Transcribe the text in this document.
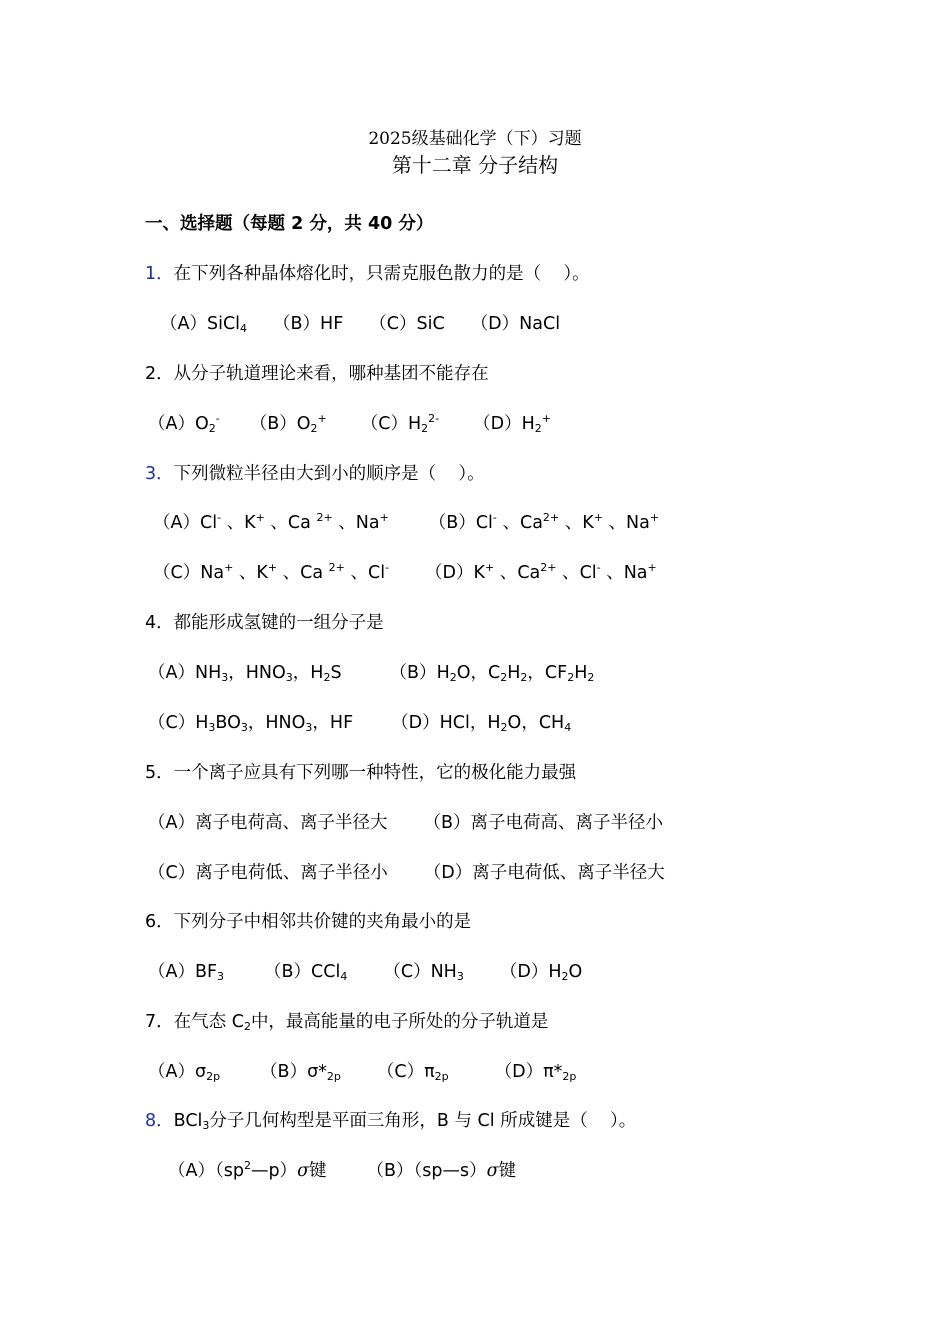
2025级基础化学（下）习题
第十二章 分子结构
一、选择题（每题 2 分，共 40 分）
1．在下列各种晶体熔化时，只需克服色散力的是（    ）。
（A）SiCl$_4$ （B）HF （C）SiC （D）NaCl
2．从分子轨道理论来看，哪种基团不能存在
$(A)O_2^-$ $(B)O_2^+$ $(C)H_2^{2-}$ $(D)H_2^+$
3．下列微粒半径由大到小的顺序是（    ）。
（A）Cl- 、K+ 、Ca $^{2+}$ 、Na+ （B）Cl- 、$Ca^{2+}$ 、K+ 、Na+
（C）Na+ 、K+ 、Ca $^{2+}$ 、Cl- （D）K+ 、$Ca^{2+}$ 、Cl- 、Na+
4．都能形成氢键的一组分子是
$(A)NH_3$，$HNO_3$，$H_2S$	$(B)H_2O$，$C_2H_2$，$CF_2H_2$
$(C)H_3BO_3$，$HNO_3$，HF （D）HCl，$H_2O$，$CH_4$
5．一个离子应具有下列哪一种特性，它的极化能力最强
（A）离子电荷高、离子半径大 （B）离子电荷高、离子半径小
（C）离子电荷低、离子半径小 （D）离子电荷低、离子半径大
6．下列分子中相邻共价键的夹角最小的是
$(A)BF_3$ （B）CCl$_4$ $(C)NH_3$ $(D)H_2O$
7．在气态 $C_2$中，最高能量的电子所处的分子轨道是
$(A)\sigma_{2p}$ $(B)\sigma*_{2p}$ $(C)\pi_{2p}$	$(D)\pi*_{2p}$
8．BCl$_3$分子几何构型是平面三角形，B 与 Cl 所成键是（    ）。
$(A)(sp^2—p)\sigma$键 （B）（sp—s）σ键
